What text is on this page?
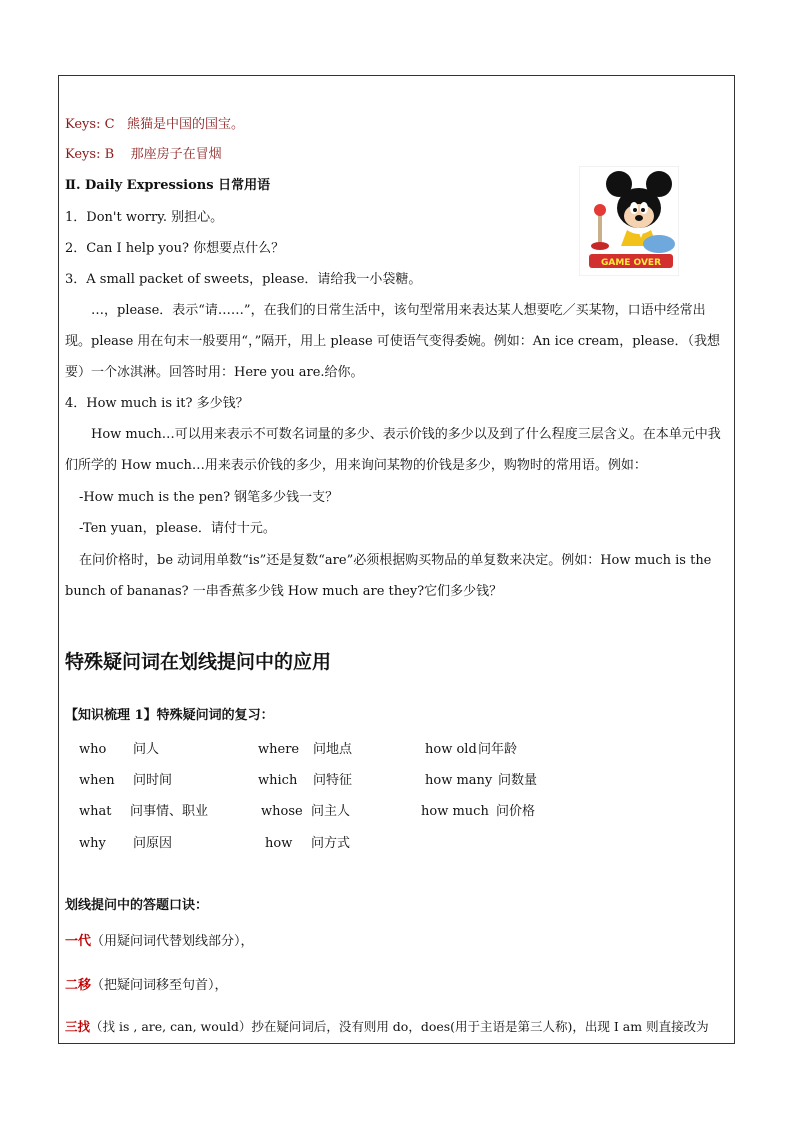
Keys: C 熊猫是中国的国宝。
Keys: B 那座房子在冒烟
Ⅱ. Daily Expressions 日常用语
1．Don't worry. 别担心。
2．Can I help you? 你想要点什么？
3．A small packet of sweets，please．请给我一小袋糖。
…，please．表示“请……”，在我们的日常生活中，该句型常用来表达某人想要吃／买某物，口语中经常出现。please 用在句末一般要用“，”隔开，用上 please 可使语气变得委婉。例如：An ice cream，please．（我想要）一个冰淇淋。回答时用：Here you are.给你。
4．How much is it? 多少钱？
How much…可以用来表示不可数名词量的多少、表示价钱的多少以及到了什么程度三层含义。在本单元中我们所学的 How much…用来表示价钱的多少，用来询问某物的价钱是多少，购物时的常用语。例如：
-How much is the pen? 钢笔多少钱一支？
-Ten yuan，please．请付十元。
在问价格时，be 动词用单数“is”还是复数“are”必须根据购买物品的单复数来决定。例如：How much is the bunch of bananas? 一串香蕉多少钱 How much are they?它们多少钱？
GAME OVER
特殊疑问词在划线提问中的应用
【知识梳理 1】特殊疑问词的复习：
who 问人	where 问地点	how old 问年龄
when 问时间	which 问特征	how many 问数量
what 问事情、职业	whose 问主人	how much 问价格
why 问原因	how 问方式
划线提问中的答题口诀：
一代（用疑问词代替划线部分），
二移（把疑问词移至句首），
三找（找 is , are, can, would）抄在疑问词后，没有则用 do，does(用于主语是第三人称)，出现 I am 则直接改为
